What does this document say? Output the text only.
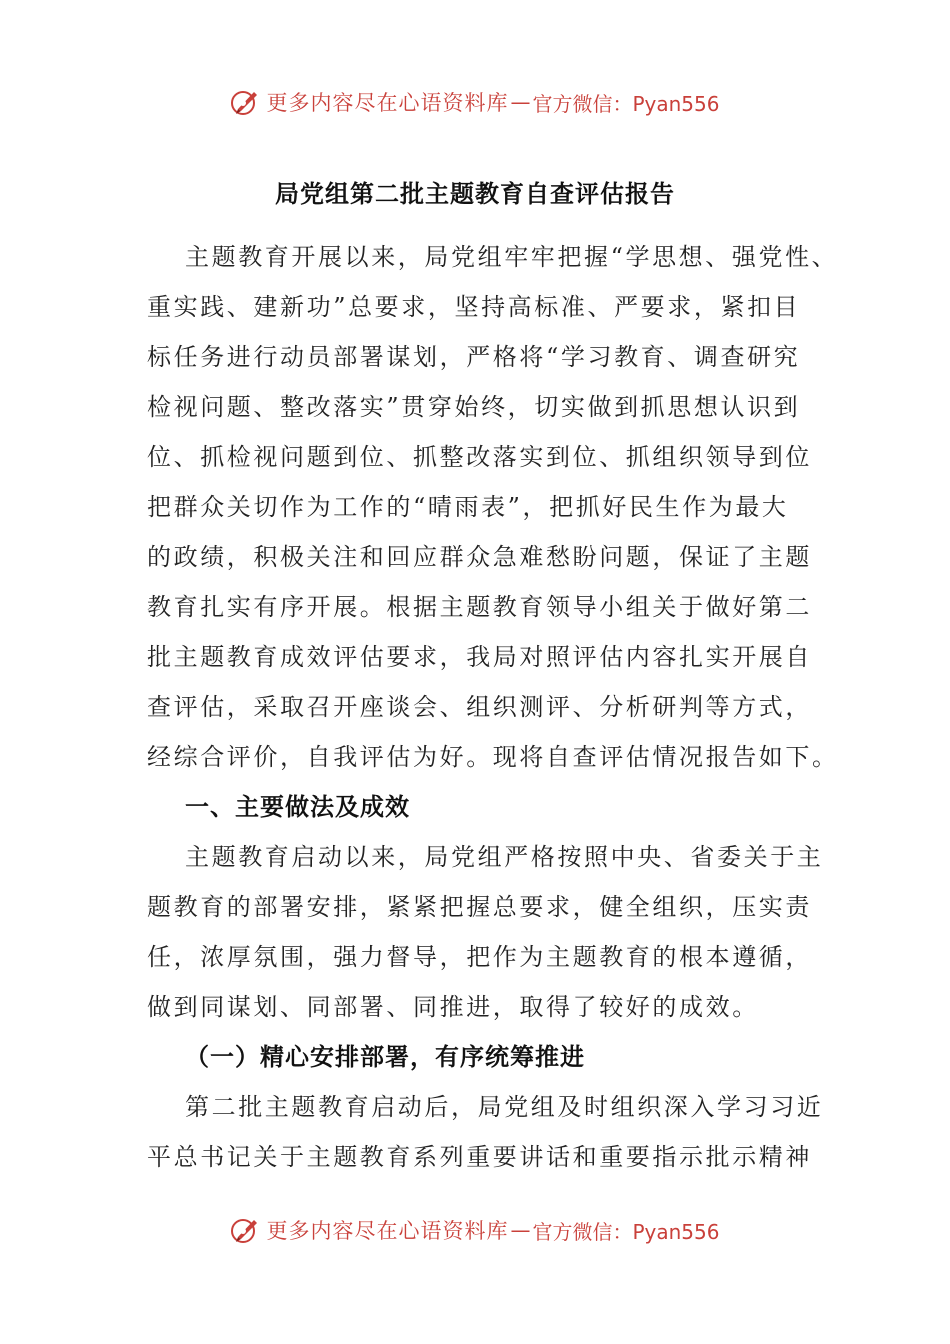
更多内容尽在心语资料库 — 官方微信：Pyan556
局党组第二批主题教育自查评估报告
主题教育开展以来，局党组牢牢把握“学思想、强党性、
重实践、建新功”总要求，坚持高标准、严要求，紧扣目
标任务进行动员部署谋划，严格将“学习教育、调查研究
检视问题、整改落实”贯穿始终，切实做到抓思想认识到
位、抓检视问题到位、抓整改落实到位、抓组织领导到位
把群众关切作为工作的“晴雨表”，把抓好民生作为最大
的政绩，积极关注和回应群众急难愁盼问题，保证了主题
教育扎实有序开展。根据主题教育领导小组关于做好第二
批主题教育成效评估要求，我局对照评估内容扎实开展自
查评估，采取召开座谈会、组织测评、分析研判等方式，
经综合评价，自我评估为好。现将自查评估情况报告如下。
一、主要做法及成效
主题教育启动以来，局党组严格按照中央、省委关于主
题教育的部署安排，紧紧把握总要求，健全组织，压实责
任，浓厚氛围，强力督导，把作为主题教育的根本遵循，
做到同谋划、同部署、同推进，取得了较好的成效。
（一）精心安排部署，有序统筹推进
第二批主题教育启动后，局党组及时组织深入学习习近
平总书记关于主题教育系列重要讲话和重要指示批示精神
更多内容尽在心语资料库 — 官方微信：Pyan556
